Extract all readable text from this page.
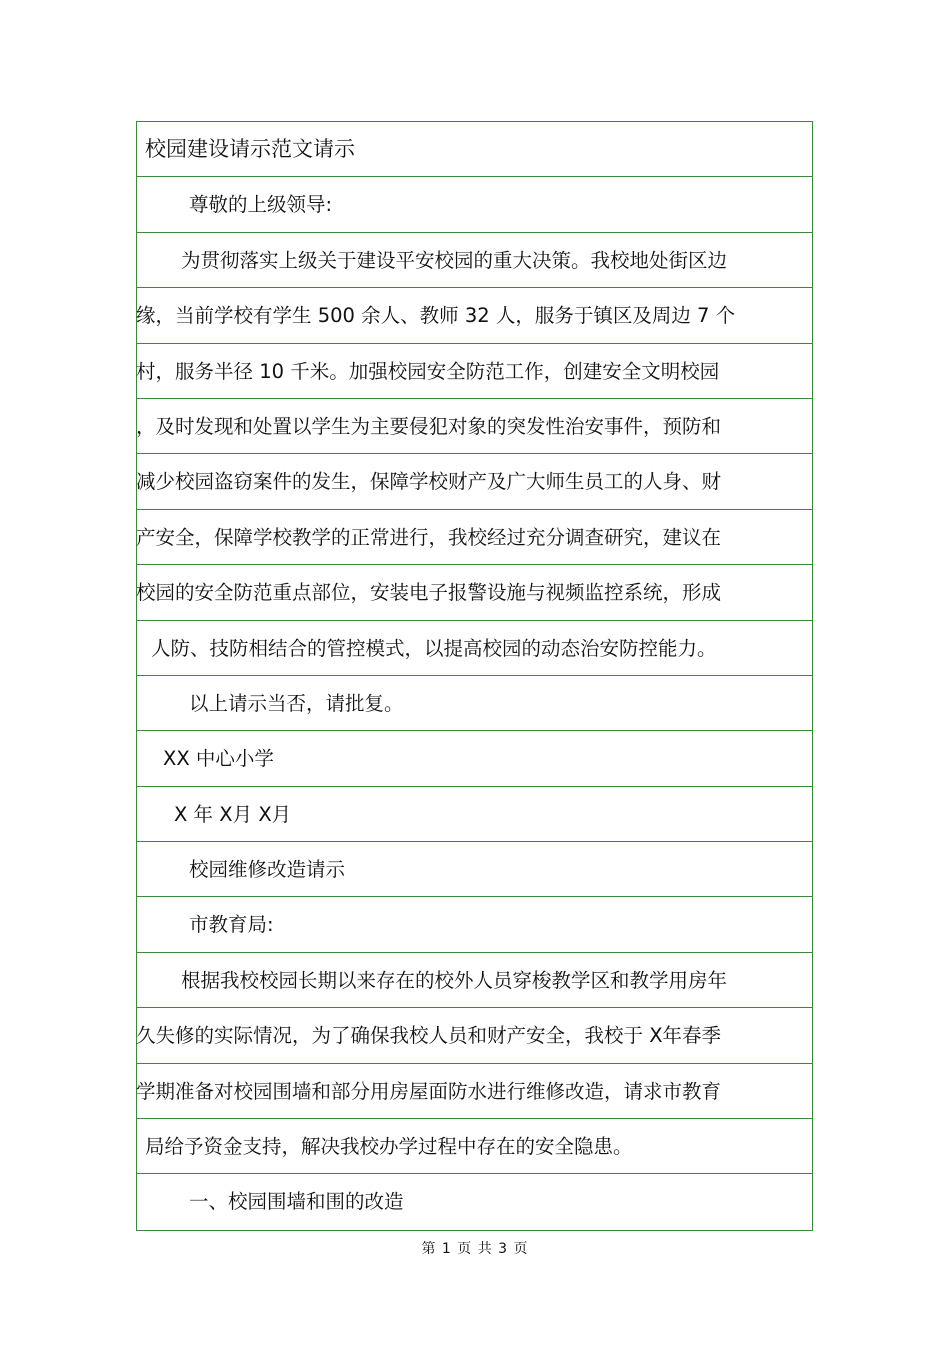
校园建设请示范文请示
尊敬的上级领导:
为贯彻落实上级关于建设平安校园的重大决策。我校地处街区边
缘，当前学校有学生 500 余人、教师 32 人，服务于镇区及周边 7 个
村，服务半径 10 千米。加强校园安全防范工作，创建安全文明校园
，及时发现和处置以学生为主要侵犯对象的突发性治安事件，预防和
减少校园盗窃案件的发生，保障学校财产及广大师生员工的人身、财
产安全，保障学校教学的正常进行，我校经过充分调查研究，建议在
校园的安全防范重点部位，安装电子报警设施与视频监控系统，形成
人防、技防相结合的管控模式，以提高校园的动态治安防控能力。
以上请示当否，请批复。
XX 中心小学
X 年 X月 X月
校园维修改造请示
市教育局:
根据我校校园长期以来存在的校外人员穿梭教学区和教学用房年
久失修的实际情况，为了确保我校人员和财产安全，我校于 X年春季
学期准备对校园围墙和部分用房屋面防水进行维修改造，请求市教育
局给予资金支持，解决我校办学过程中存在的安全隐患。
一、校园围墙和围的改造
第 1 页 共 3 页
